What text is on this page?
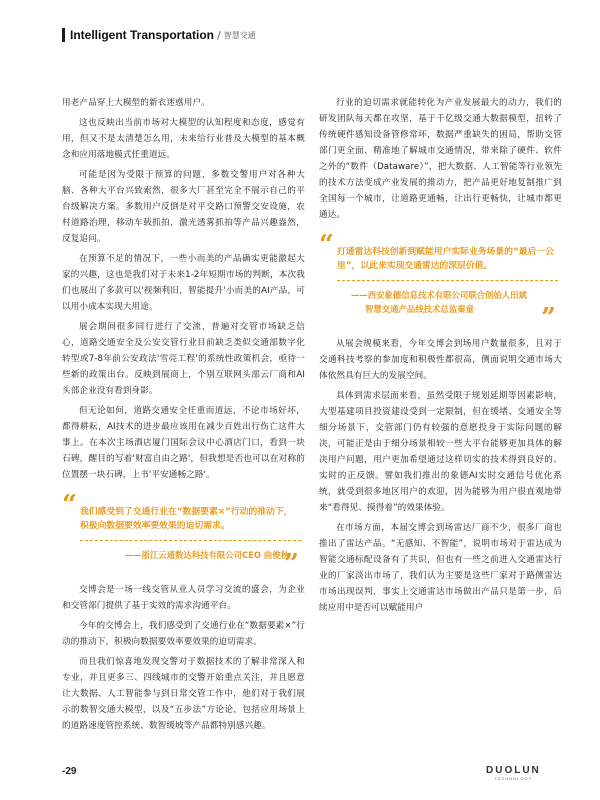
Intelligent Transportation / 智慧交通

用老产品穿上大模型的新衣迷惑用户。

这也反映出当前市场对大模型的认知程度和态度，感觉有用，但又不是太清楚怎么用，未来给行业普及大模型的基本概念和应用落地模式任重道远。

可能是因为受限于预算的问题，多数交警用户对各种大脑、各种大平台兴致索然，很多大厂甚至完全不展示自己的平台级解决方案。多数用户反倒是对平交路口预警交安设施，农村道路治理，移动车载抓拍，激光透雾抓拍等产品兴趣盎然，反复追问。

在预算不足的情况下，一些小而美的产品确实更能激起大家的兴趣，这也是我们对于未来1-2年短期市场的判断，本次我们也展出了多款可以'视频利旧，智能提升'小而美的AI产品，可以用小成本实现大用途。

展会期间很多同行进行了交流，普遍对交管市场缺乏信心，道路交通安全及公安交管行业目前缺乏类似交通部数字化转型或7-8年前公安政法'雪亮工程'的系统性政策机会，亟待一些新的政策出台。反映到展商上，个别互联网头部云厂商和AI头部企业没有看到身影。

但无论如何，道路交通安全任重而道远，不论市场好坏，都得耕耘，AI技术的进步最应该用在减少百姓出行伤亡这件大事上。在本次主场酒店厦门国际会议中心酒店门口，看到一块石碑，醒目的写着'财富自由之路'，但我想是否也可以在对称的位置摆一块石碑，上书'平安通畅之路'。

“ 我们感受到了交通行业在“数据要素×”行动的推动下，积极向数据要效率要效果的迫切需求。
——浙江云通数达科技有限公司CEO 曲俊秋
”

交博会是一场一线交管从业人员学习交流的盛会，为企业和交管部门提供了基于实效的需求沟通平台。

今年的交博会上，我们感受到了交通行业在“数据要素×”行动的推动下，积极向数据要效率要效果的迫切需求。

而且我们惊喜地发现交警对于数据技术的了解非常深入和专业，并且更多三、四线城市的交警开始重点关注，并且愿意让大数据、人工智能参与到日常交管工作中，他们对于我们展示的数智交通大模型，以及“五步法”方论论，包括应用场景上的道路速度管控系统、数智缓坡等产品都特别感兴趣。

行业的迫切需求就能转化为产业发展最大的动力，我们的研发团队每天都在攻坚，基于千亿级交通大数据模型，扭转了传统硬件感知设备管修常坏，数据严重缺失的困局，帮助交管部门更全面、精准地了解城市交通情况，带来除了硬件、软件之外的“数件（Dataware）”，把大数据、人工智能等行业领先的技术方法变成产业发展的推动力，把产品更好地复制推广到全国每一个城市，让道路更通畅，让出行更畅快，让城市都更通达。

“ 打通雷达科技创新到赋能用户实际业务场景的“最后一公里”，以此来实现交通雷达的深层价值。
——西安象德信息技术有限公司联合创始人田斌
智慧交通产品线技术总监秦童	”

从展会规模来看，今年交博会到场用户数量很多，且对于交通科技考察的参加度和积极性都很高，侧面说明交通市场大体依然具有巨大的发展空间。

具体到需求层面来看，虽然受限于规划延期等因素影响，大型基建项目投资建设受到一定限制，但在缓堵、交通安全等细分场景下，交管部门仍有较强的意愿投身于实际问题的解决，可能正是由于细分场景相较一些大平台能够更加具体的解决用户问题，用户更加希望通过这样切实的技术得到良好的、实时的正反馈。譬如我们推出的象德AI实时交通信号优化系统，就受到很多地区用户的欢迎，因为能够为用户很直观地带来“看得见、摸得着”的效果体验。

在市场方面，本届交博会到场雷达厂商不少，很多厂商也推出了雷达产品。“无感知、不智能”，说明市场对于雷达成为智能交通标配设备有了共识，但也有一些之前进入交通雷达行业的厂家淡出市场了，我们认为主要是这些厂家对于路侧雷达市场出现误判，事实上交通雷达市场做出产品只是第一步，后续应用中是否可以赋能用户

-29	DUOLUN
TECHNOLOGY
